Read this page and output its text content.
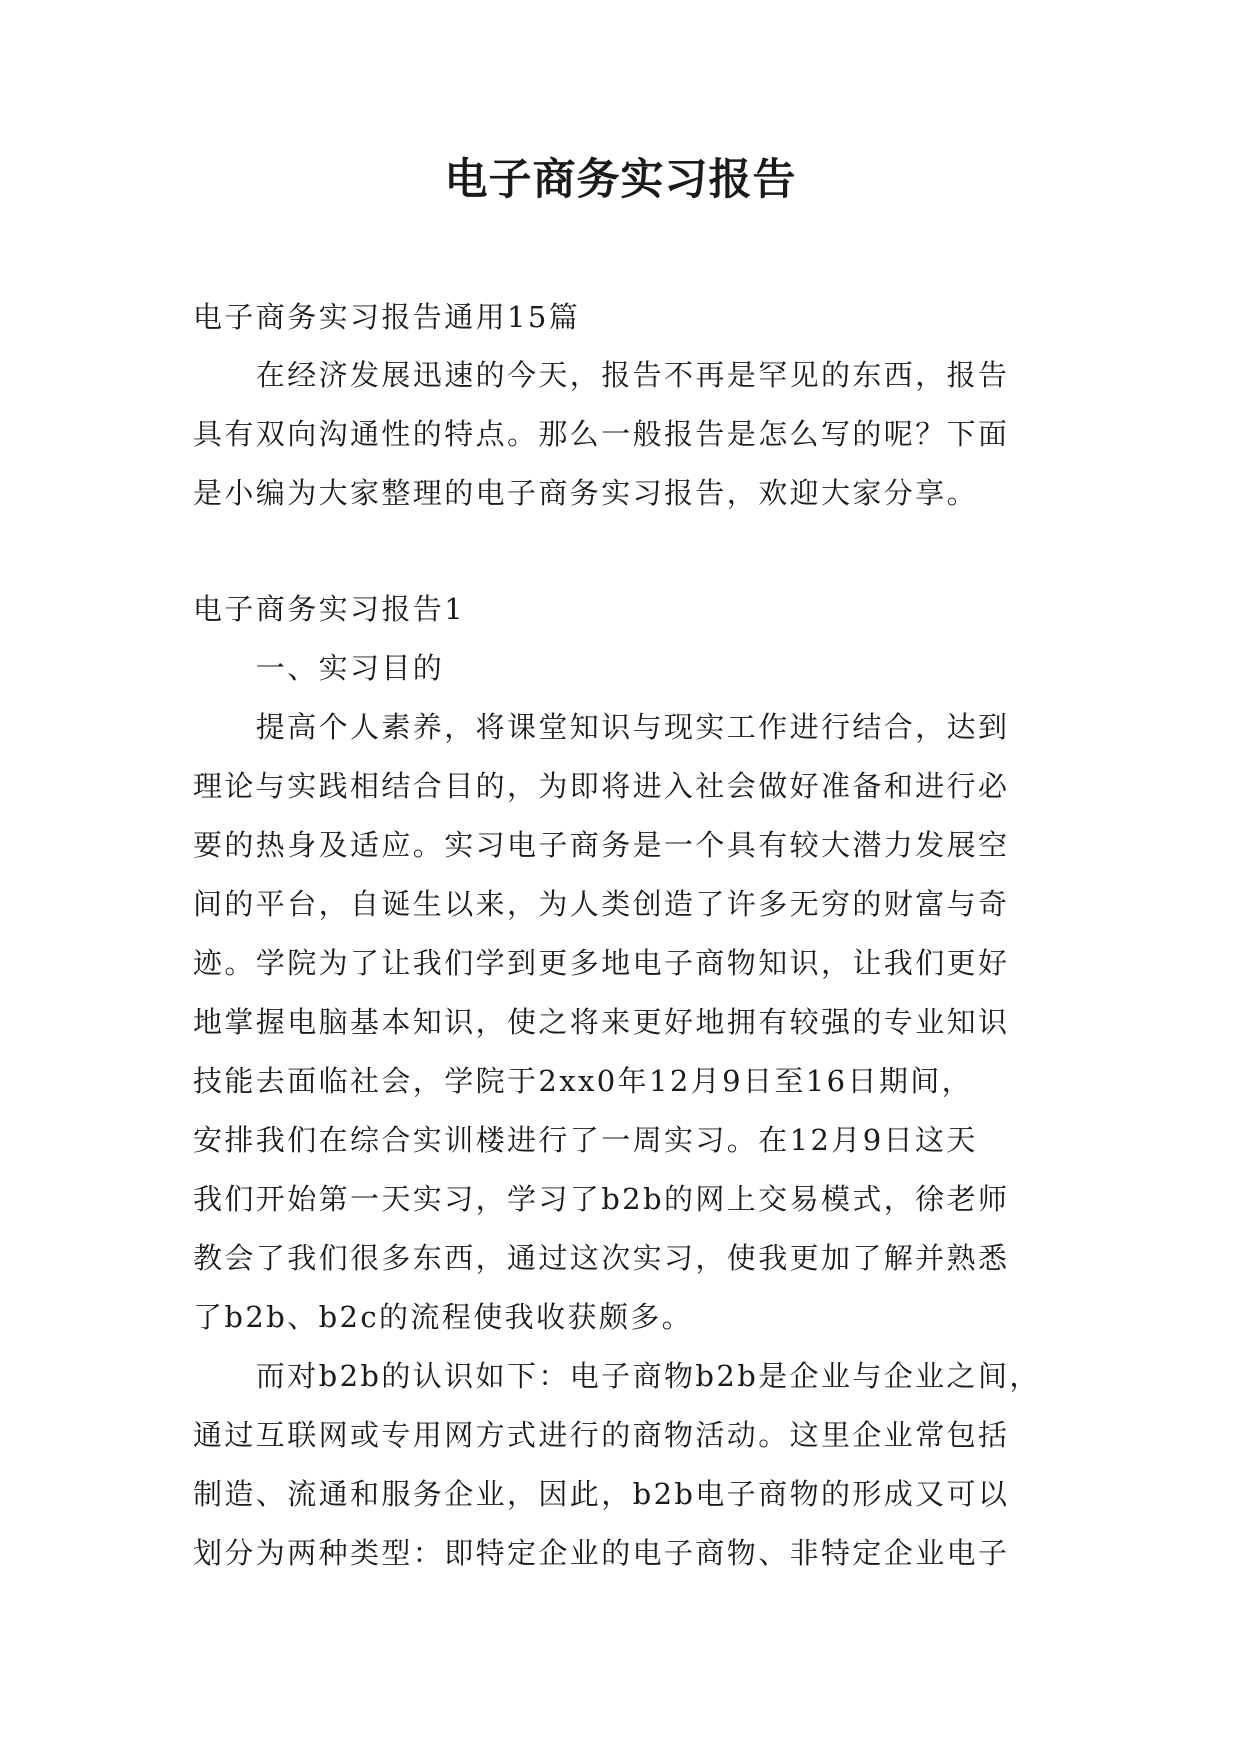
电子商务实习报告

电子商务实习报告通用15篇

　　在经济发展迅速的今天，报告不再是罕见的东西，报告

具有双向沟通性的特点。那么一般报告是怎么写的呢？下面

是小编为大家整理的电子商务实习报告，欢迎大家分享。

电子商务实习报告1

　　一、实习目的

　　提高个人素养，将课堂知识与现实工作进行结合，达到

理论与实践相结合目的，为即将进入社会做好准备和进行必

要的热身及适应。实习电子商务是一个具有较大潜力发展空

间的平台，自诞生以来，为人类创造了许多无穷的财富与奇

迹。学院为了让我们学到更多地电子商物知识，让我们更好

地掌握电脑基本知识，使之将来更好地拥有较强的专业知识

技能去面临社会，学院于2xx0年12月9日至16日期间，

安排我们在综合实训楼进行了一周实习。在12月9日这天

我们开始第一天实习，学习了b2b的网上交易模式，徐老师

教会了我们很多东西，通过这次实习，使我更加了解并熟悉

了b2b、b2c的流程使我收获颇多。

　　而对b2b的认识如下：电子商物b2b是企业与企业之间，

通过互联网或专用网方式进行的商物活动。这里企业常包括

制造、流通和服务企业，因此，b2b电子商物的形成又可以

划分为两种类型：即特定企业的电子商物、非特定企业电子
